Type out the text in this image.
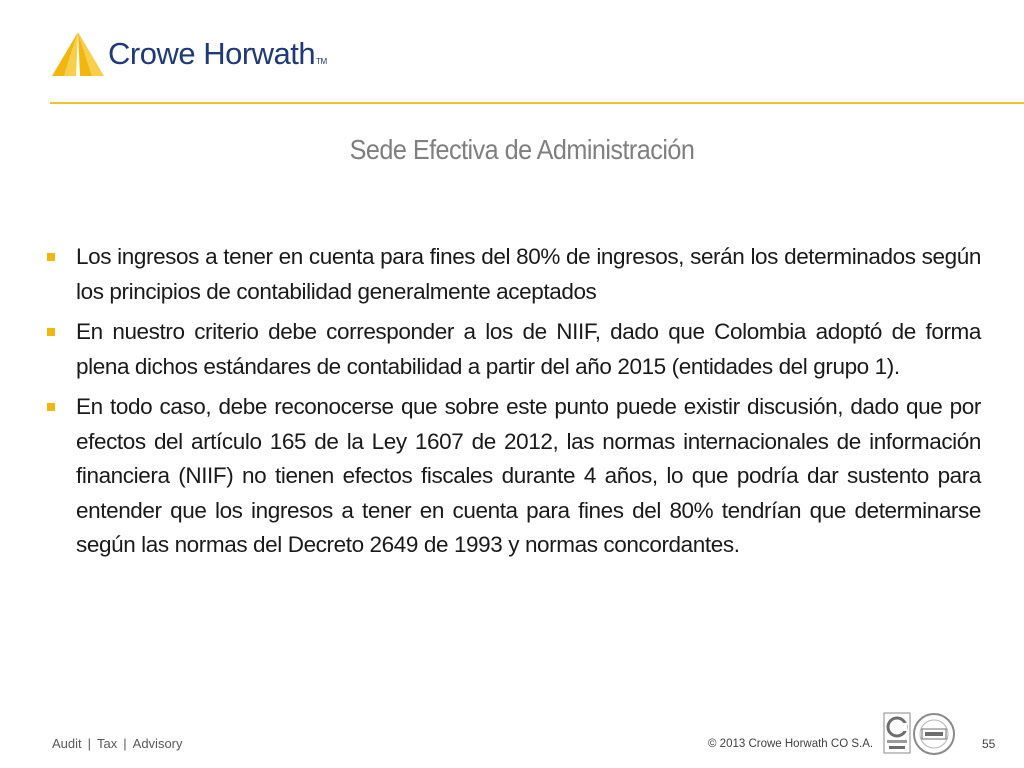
Crowe HorwathTM
Sede Efectiva de Administración
Los ingresos a tener en cuenta para fines del 80% de ingresos, serán los determinados según los principios de contabilidad generalmente aceptados
En nuestro criterio debe corresponder a los de NIIF, dado que Colombia adoptó de forma plena dichos estándares de contabilidad a partir del año 2015 (entidades del grupo 1).
En todo caso, debe reconocerse que sobre este punto puede existir discusión, dado que por efectos del artículo 165 de la Ley 1607 de 2012, las normas internacionales de información financiera (NIIF) no tienen efectos fiscales durante 4 años, lo que podría dar sustento para entender que los ingresos a tener en cuenta para fines del 80% tendrían que determinarse según las normas del Decreto 2649 de 1993 y normas concordantes.
Audit | Tax | Advisory	© 2013 Crowe Horwath CO S.A.	55
